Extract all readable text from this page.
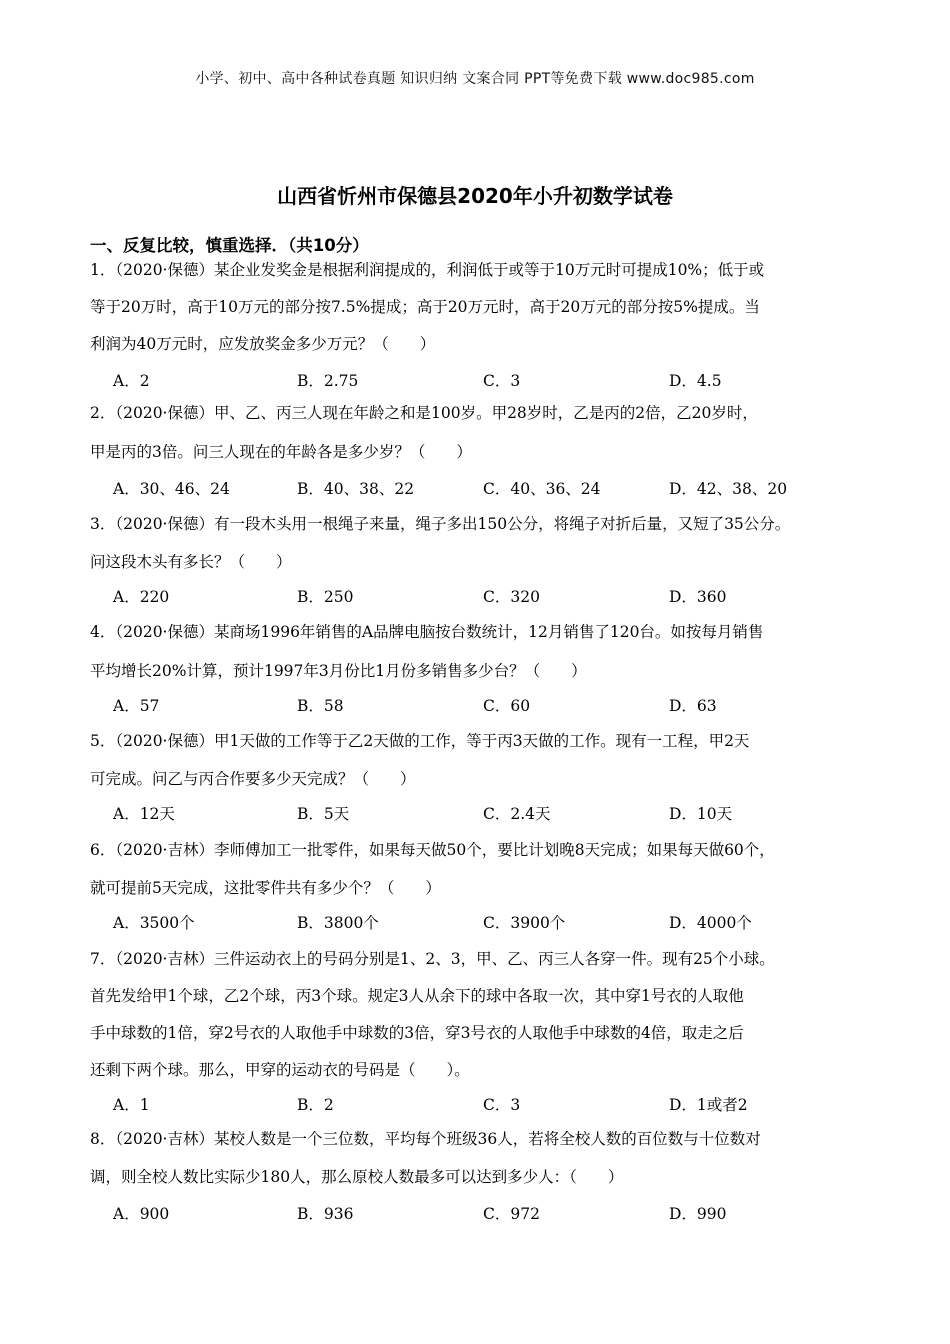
小学、初中、高中各种试卷真题 知识归纳 文案合同 PPT等免费下载 www.doc985.com
山西省忻州市保德县2020年小升初数学试卷
一、反复比较，慎重选择．（共10分）
1．（2020·保德）某企业发奖金是根据利润提成的，利润低于或等于10万元时可提成10%；低于或
等于20万时，高于10万元的部分按7.5%提成；高于20万元时，高于20万元的部分按5%提成。当
利润为40万元时，应发放奖金多少万元？（　　）
A．2	B．2.75	C．3	D．4.5
2．（2020·保德）甲、乙、丙三人现在年龄之和是100岁。甲28岁时，乙是丙的2倍，乙20岁时，
甲是丙的3倍。问三人现在的年龄各是多少岁？（　　）
A．30、46、24	B．40、38、22	C．40、36、24	D．42、38、20
3．（2020·保德）有一段木头用一根绳子来量，绳子多出150公分，将绳子对折后量，又短了35公分。
问这段木头有多长？（　　）
A．220	B．250	C．320	D．360
4．（2020·保德）某商场1996年销售的A品牌电脑按台数统计，12月销售了120台。如按每月销售
平均增长20%计算，预计1997年3月份比1月份多销售多少台？（　　）
A．57	B．58	C．60	D．63
5．（2020·保德）甲1天做的工作等于乙2天做的工作，等于丙3天做的工作。现有一工程，甲2天
可完成。问乙与丙合作要多少天完成？（　　）
A．12天	B．5天	C．2.4天	D．10天
6．（2020·吉林）李师傅加工一批零件，如果每天做50个，要比计划晚8天完成；如果每天做60个，
就可提前5天完成，这批零件共有多少个？（　　）
A．3500个	B．3800个	C．3900个	D．4000个
7．（2020·吉林）三件运动衣上的号码分别是1、2、3，甲、乙、丙三人各穿一件。现有25个小球。
首先发给甲1个球，乙2个球，丙3个球。规定3人从余下的球中各取一次，其中穿1号衣的人取他
手中球数的1倍，穿2号衣的人取他手中球数的3倍，穿3号衣的人取他手中球数的4倍，取走之后
还剩下两个球。那么，甲穿的运动衣的号码是（　　）。
A．1	B．2	C．3	D．1或者2
8．（2020·吉林）某校人数是一个三位数，平均每个班级36人，若将全校人数的百位数与十位数对
调，则全校人数比实际少180人，那么原校人数最多可以达到多少人：（　　）
A．900	B．936	C．972	D．990
